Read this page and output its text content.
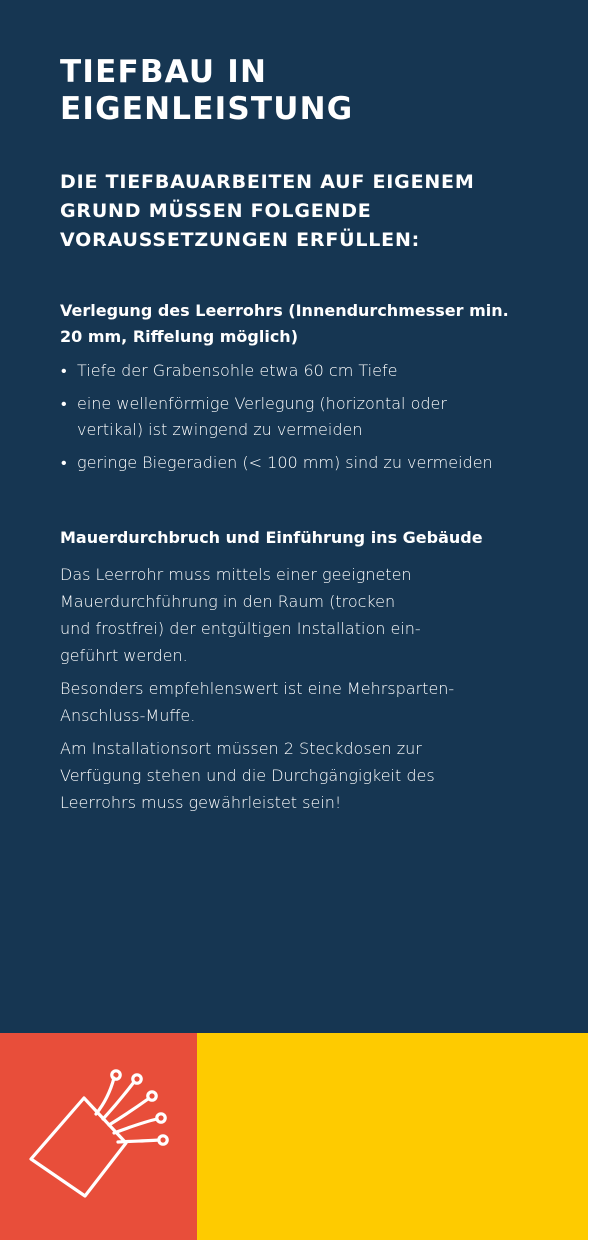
TIEFBAU IN
EIGENLEISTUNG
DIE TIEFBAUARBEITEN AUF EIGENEM
GRUND MÜSSEN FOLGENDE
VORAUSSETZUNGEN ERFÜLLEN:
Verlegung des Leerrohrs (Innendurchmesser min.
20 mm, Riffelung möglich)
• Tiefe der Grabensohle etwa 60 cm Tiefe
• eine wellenförmige Verlegung (horizontal oder
vertikal) ist zwingend zu vermeiden
• geringe Biegeradien (< 100 mm) sind zu vermeiden
Mauerdurchbruch und Einführung ins Gebäude

Das Leerrohr muss mittels einer geeigneten
Mauerdurchführung in den Raum (trocken
und frostfrei) der entgültigen Installation ein-
geführt werden.

Besonders empfehlenswert ist eine Mehrsparten-
Anschluss-Muffe.

Am Installationsort müssen 2 Steckdosen zur
Verfügung stehen und die Durchgängigkeit des
Leerrohrs muss gewährleistet sein!
